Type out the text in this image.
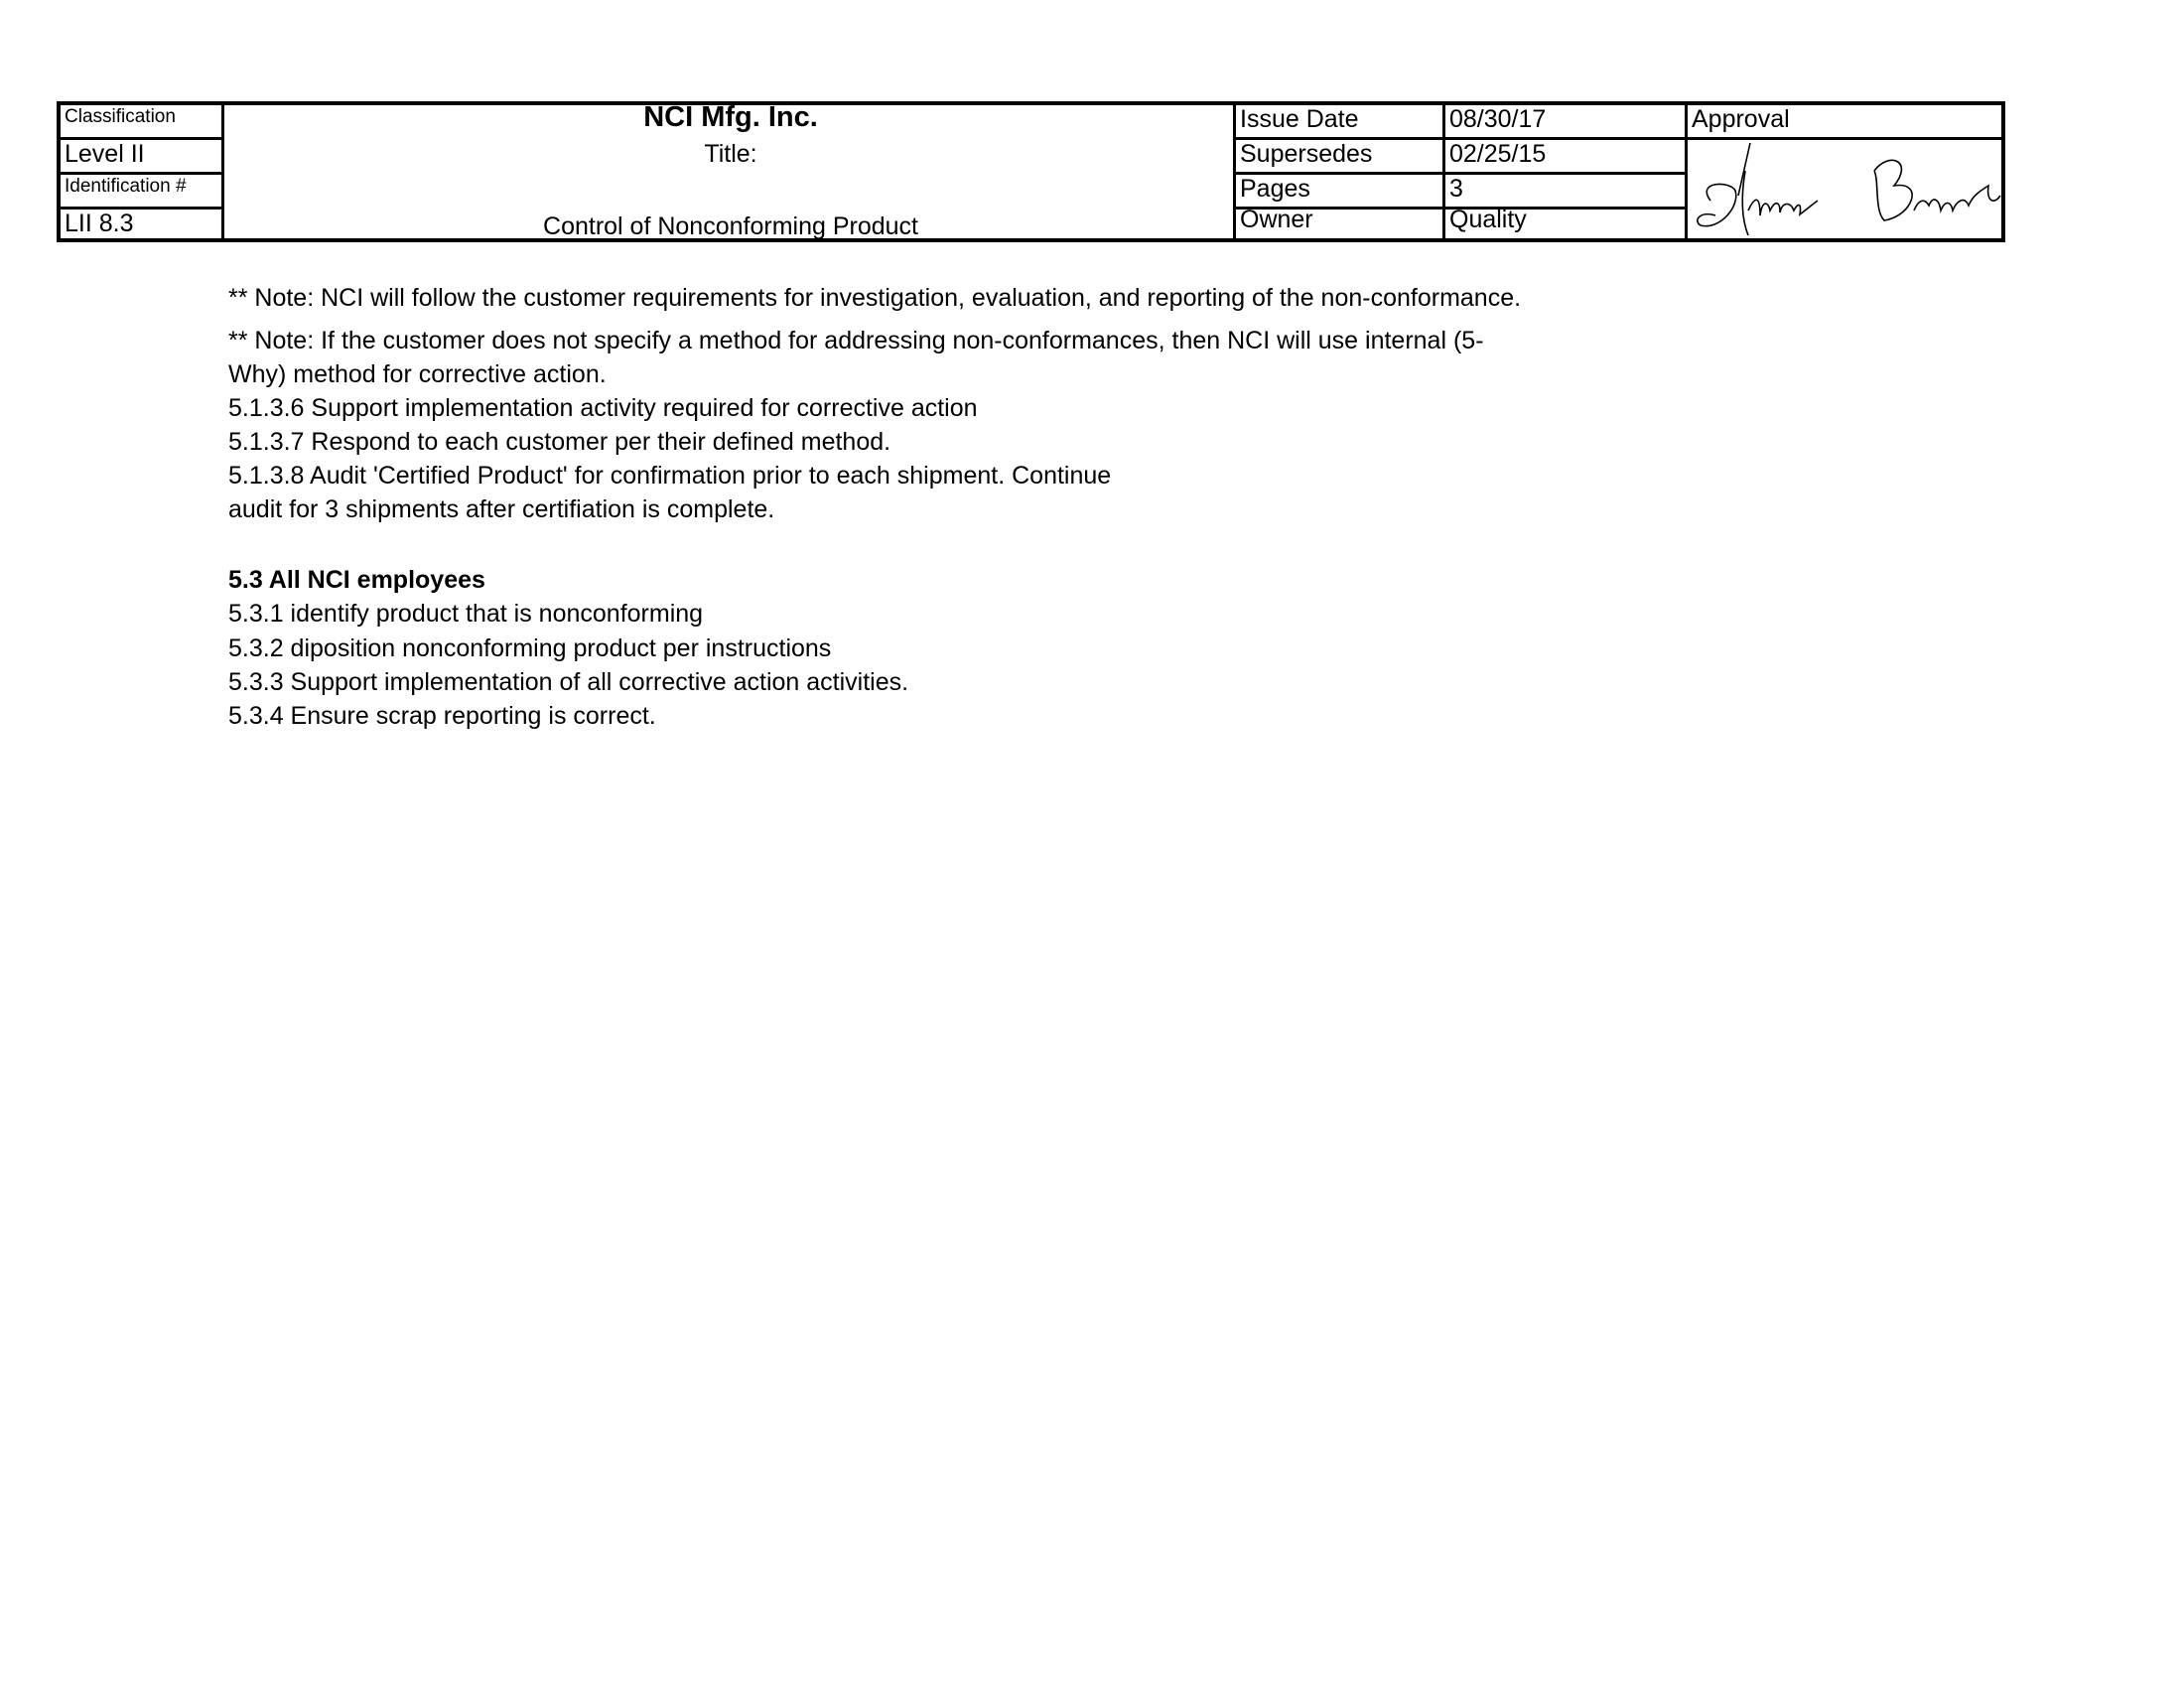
Classification
Level II
Identification #
LII 8.3
NCI Mfg. Inc.
Title:
Control of Nonconforming Product
Issue Date
Supersedes
Pages
Owner
08/30/17
02/25/15
3
Quality
Approval
** Note: NCI will follow the customer requirements for investigation, evaluation, and reporting of the non-conformance.
** Note: If the customer does not specify a method for addressing non-conformances, then NCI will use internal (5-
Why) method for corrective action.
5.1.3.6 Support implementation activity required for corrective action
5.1.3.7 Respond to each customer per their defined method.
5.1.3.8 Audit 'Certified Product' for confirmation prior to each shipment. Continue
audit for 3 shipments after certifiation is complete.
5.3 All NCI employees
5.3.1 identify product that is nonconforming
5.3.2 diposition nonconforming product per instructions
5.3.3 Support implementation of all corrective action activities.
5.3.4 Ensure scrap reporting is correct.
